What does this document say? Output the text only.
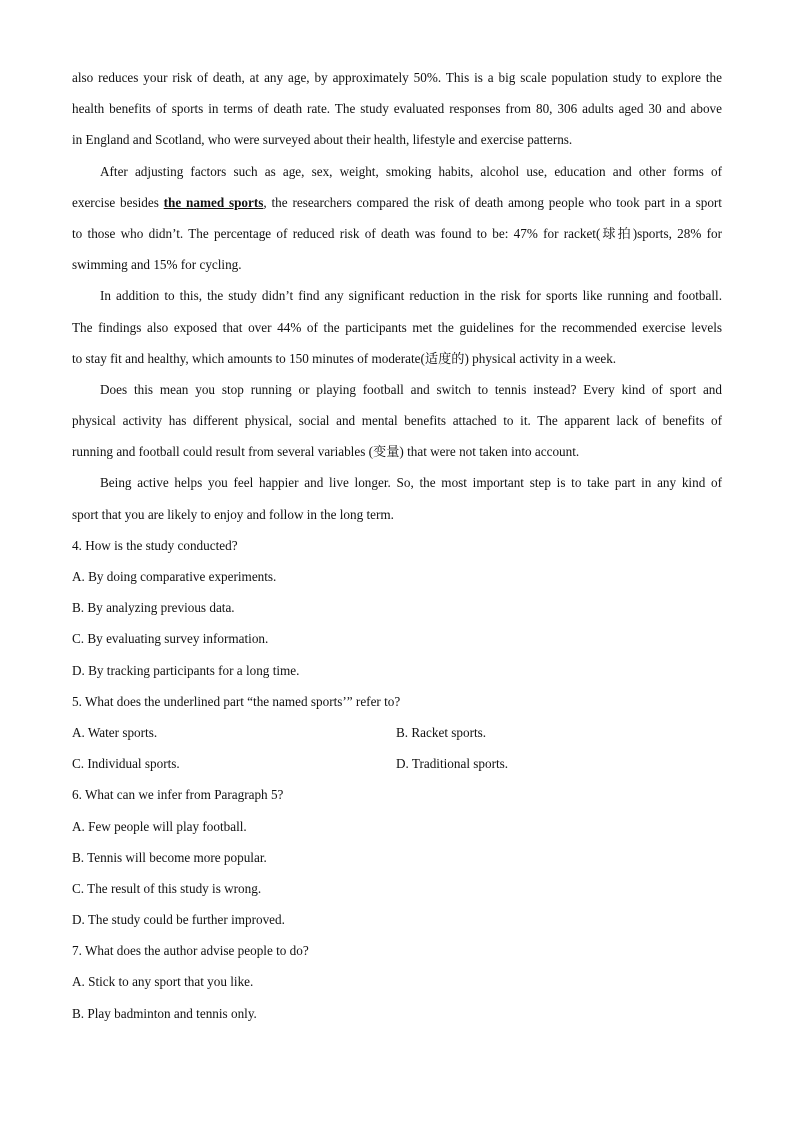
also reduces your risk of death, at any age, by approximately 50%. This is a big scale population study to explore the
health benefits of sports in terms of death rate. The study evaluated responses from 80, 306 adults aged 30 and above
in England and Scotland, who were surveyed about their health, lifestyle and exercise patterns.
After adjusting factors such as age, sex, weight, smoking habits, alcohol use, education and other forms of
exercise besides the named sports, the researchers compared the risk of death among people who took part in a sport
to those who didn’t. The percentage of reduced risk of death was found to be: 47% for racket(球拍)sports, 28% for
swimming and 15% for cycling.
In addition to this, the study didn’t find any significant reduction in the risk for sports like running and football.
The findings also exposed that over 44% of the participants met the guidelines for the recommended exercise levels
to stay fit and healthy, which amounts to 150 minutes of moderate(适度的) physical activity in a week.
Does this mean you stop running or playing football and switch to tennis instead? Every kind of sport and
physical activity has different physical, social and mental benefits attached to it. The apparent lack of benefits of
running and football could result from several variables (变量) that were not taken into account.
Being active helps you feel happier and live longer. So, the most important step is to take part in any kind of
sport that you are likely to enjoy and follow in the long term.
4. How is the study conducted?
A. By doing comparative experiments.
B. By analyzing previous data.
C. By evaluating survey information.
D. By tracking participants for a long time.
5. What does the underlined part “the named sports’” refer to?
A. Water sports.	B. Racket sports.
C. Individual sports.	D. Traditional sports.
6. What can we infer from Paragraph 5?
A. Few people will play football.
B. Tennis will become more popular.
C. The result of this study is wrong.
D. The study could be further improved.
7. What does the author advise people to do?
A. Stick to any sport that you like.
B. Play badminton and tennis only.
